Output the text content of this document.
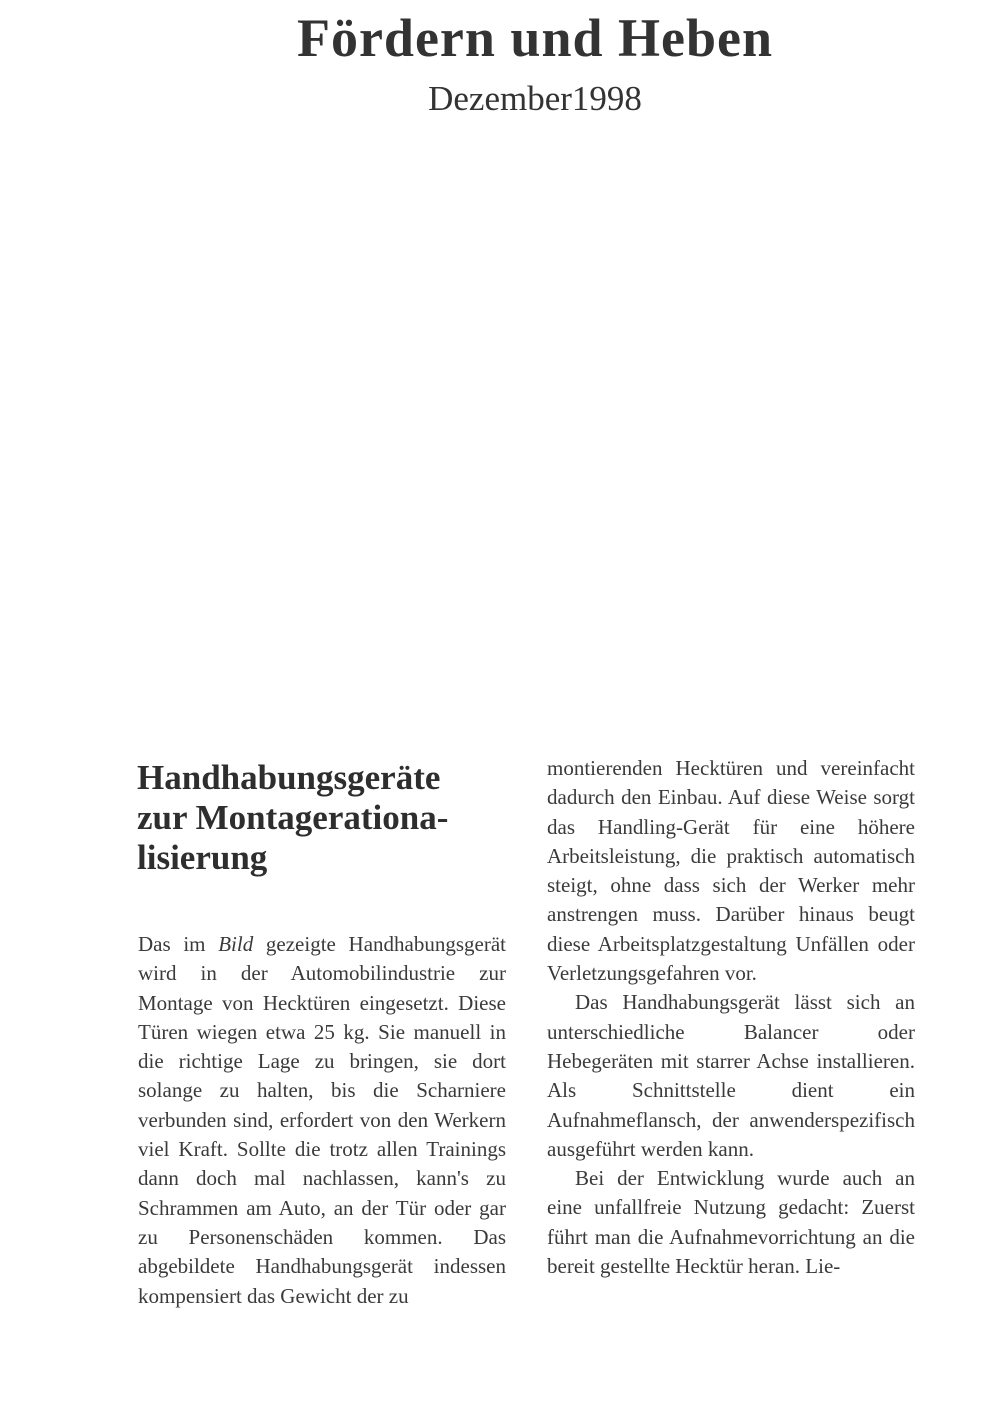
Fördern und Heben
Dezember1998
Handhabungsgeräte
zur Montagerationa-
lisierung

Das im Bild gezeigte Handhabungsgerät wird in der Automobilindustrie zur Montage von Hecktüren eingesetzt. Diese Türen wiegen etwa 25 kg. Sie manuell in die richtige Lage zu bringen, sie dort solange zu halten, bis die Scharniere verbunden sind, erfordert von den Werkern viel Kraft. Sollte die trotz allen Trainings dann doch mal nachlassen, kann's zu Schrammen am Auto, an der Tür oder gar zu Personenschäden kommen. Das abgebildete Handhabungsgerät indessen kompensiert das Gewicht der zu

montierenden Hecktüren und vereinfacht dadurch den Einbau. Auf diese Weise sorgt das Handling-Gerät für eine höhere Arbeitsleistung, die praktisch automatisch steigt, ohne dass sich der Werker mehr anstrengen muss. Darüber hinaus beugt diese Arbeitsplatzgestaltung Unfällen oder Verletzungsgefahren vor.

Das Handhabungsgerät lässt sich an unterschiedliche Balancer oder Hebegeräten mit starrer Achse installieren. Als Schnittstelle dient ein Aufnahmeflansch, der anwenderspezifisch ausgeführt werden kann.

Bei der Entwicklung wurde auch an eine unfallfreie Nutzung gedacht: Zuerst führt man die Aufnahmevorrichtung an die bereit gestellte Hecktür heran. Lie-
